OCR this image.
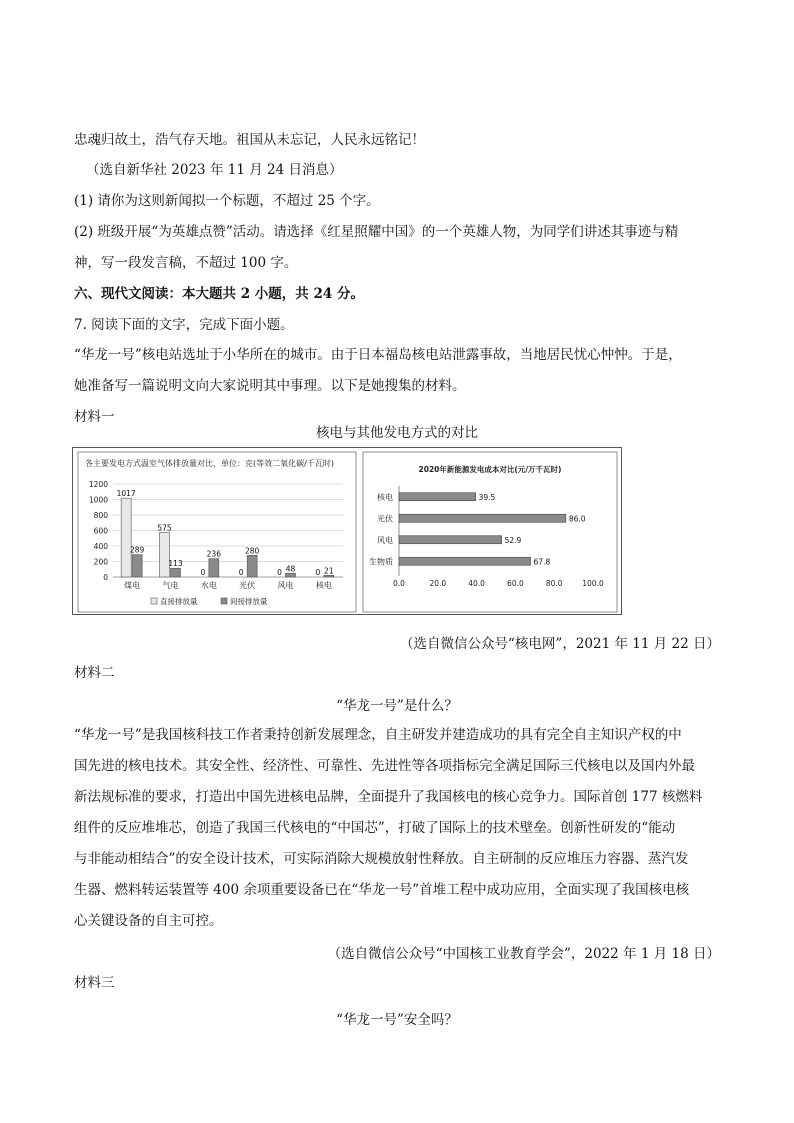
忠魂归故土，浩气存天地。祖国从未忘记，人民永远铭记！
（选自新华社 2023 年 11 月 24 日消息）
(1) 请你为这则新闻拟一个标题，不超过 25 个字。
(2) 班级开展“为英雄点赞”活动。请选择《红星照耀中国》的一个英雄人物，为同学们讲述其事迹与精
神，写一段发言稿，不超过 100 字。
六、现代文阅读：本大题共 2 小题，共 24 分。
7. 阅读下面的文字，完成下面小题。
“华龙一号”核电站选址于小华所在的城市。由于日本福岛核电站泄露事故，当地居民忧心忡忡。于是，
她准备写一篇说明文向大家说明其中事理。以下是她搜集的材料。
材料一
核电与其他发电方式的对比
各主要发电方式温室气体排放量对比，单位：克(等效二氧化碳/千瓦时)
2020年新能源发电成本对比(元/万千瓦时)
0
200
400
600
800
1000
1200
1017
289
煤电
575
113
气电
0
236
水电
0
280
光伏
0 48
风电
0 21
核电
直接排放量	间接排放量
0.0	20.0	40.0	60.0	80.0	100.0
核电	39.5
光伏	86.0
风电	52.9
生物质	67.8
（选自微信公众号“核电网”，2021 年 11 月 22 日）
材料二
“华龙一号”是什么？
“华龙一号”是我国核科技工作者秉持创新发展理念，自主研发并建造成功的具有完全自主知识产权的中
国先进的核电技术。其安全性、经济性、可靠性、先进性等各项指标完全满足国际三代核电以及国内外最
新法规标准的要求，打造出中国先进核电品牌，全面提升了我国核电的核心竞争力。国际首创 177 核燃料
组件的反应堆堆芯，创造了我国三代核电的“中国芯”，打破了国际上的技术壁垒。创新性研发的“能动
与非能动相结合”的安全设计技术，可实际消除大规模放射性释放。自主研制的反应堆压力容器、蒸汽发
生器、燃料转运装置等 400 余项重要设备已在“华龙一号”首堆工程中成功应用，全面实现了我国核电核
心关键设备的自主可控。
（选自微信公众号“中国核工业教育学会”，2022 年 1 月 18 日）
材料三
“华龙一号”安全吗？
